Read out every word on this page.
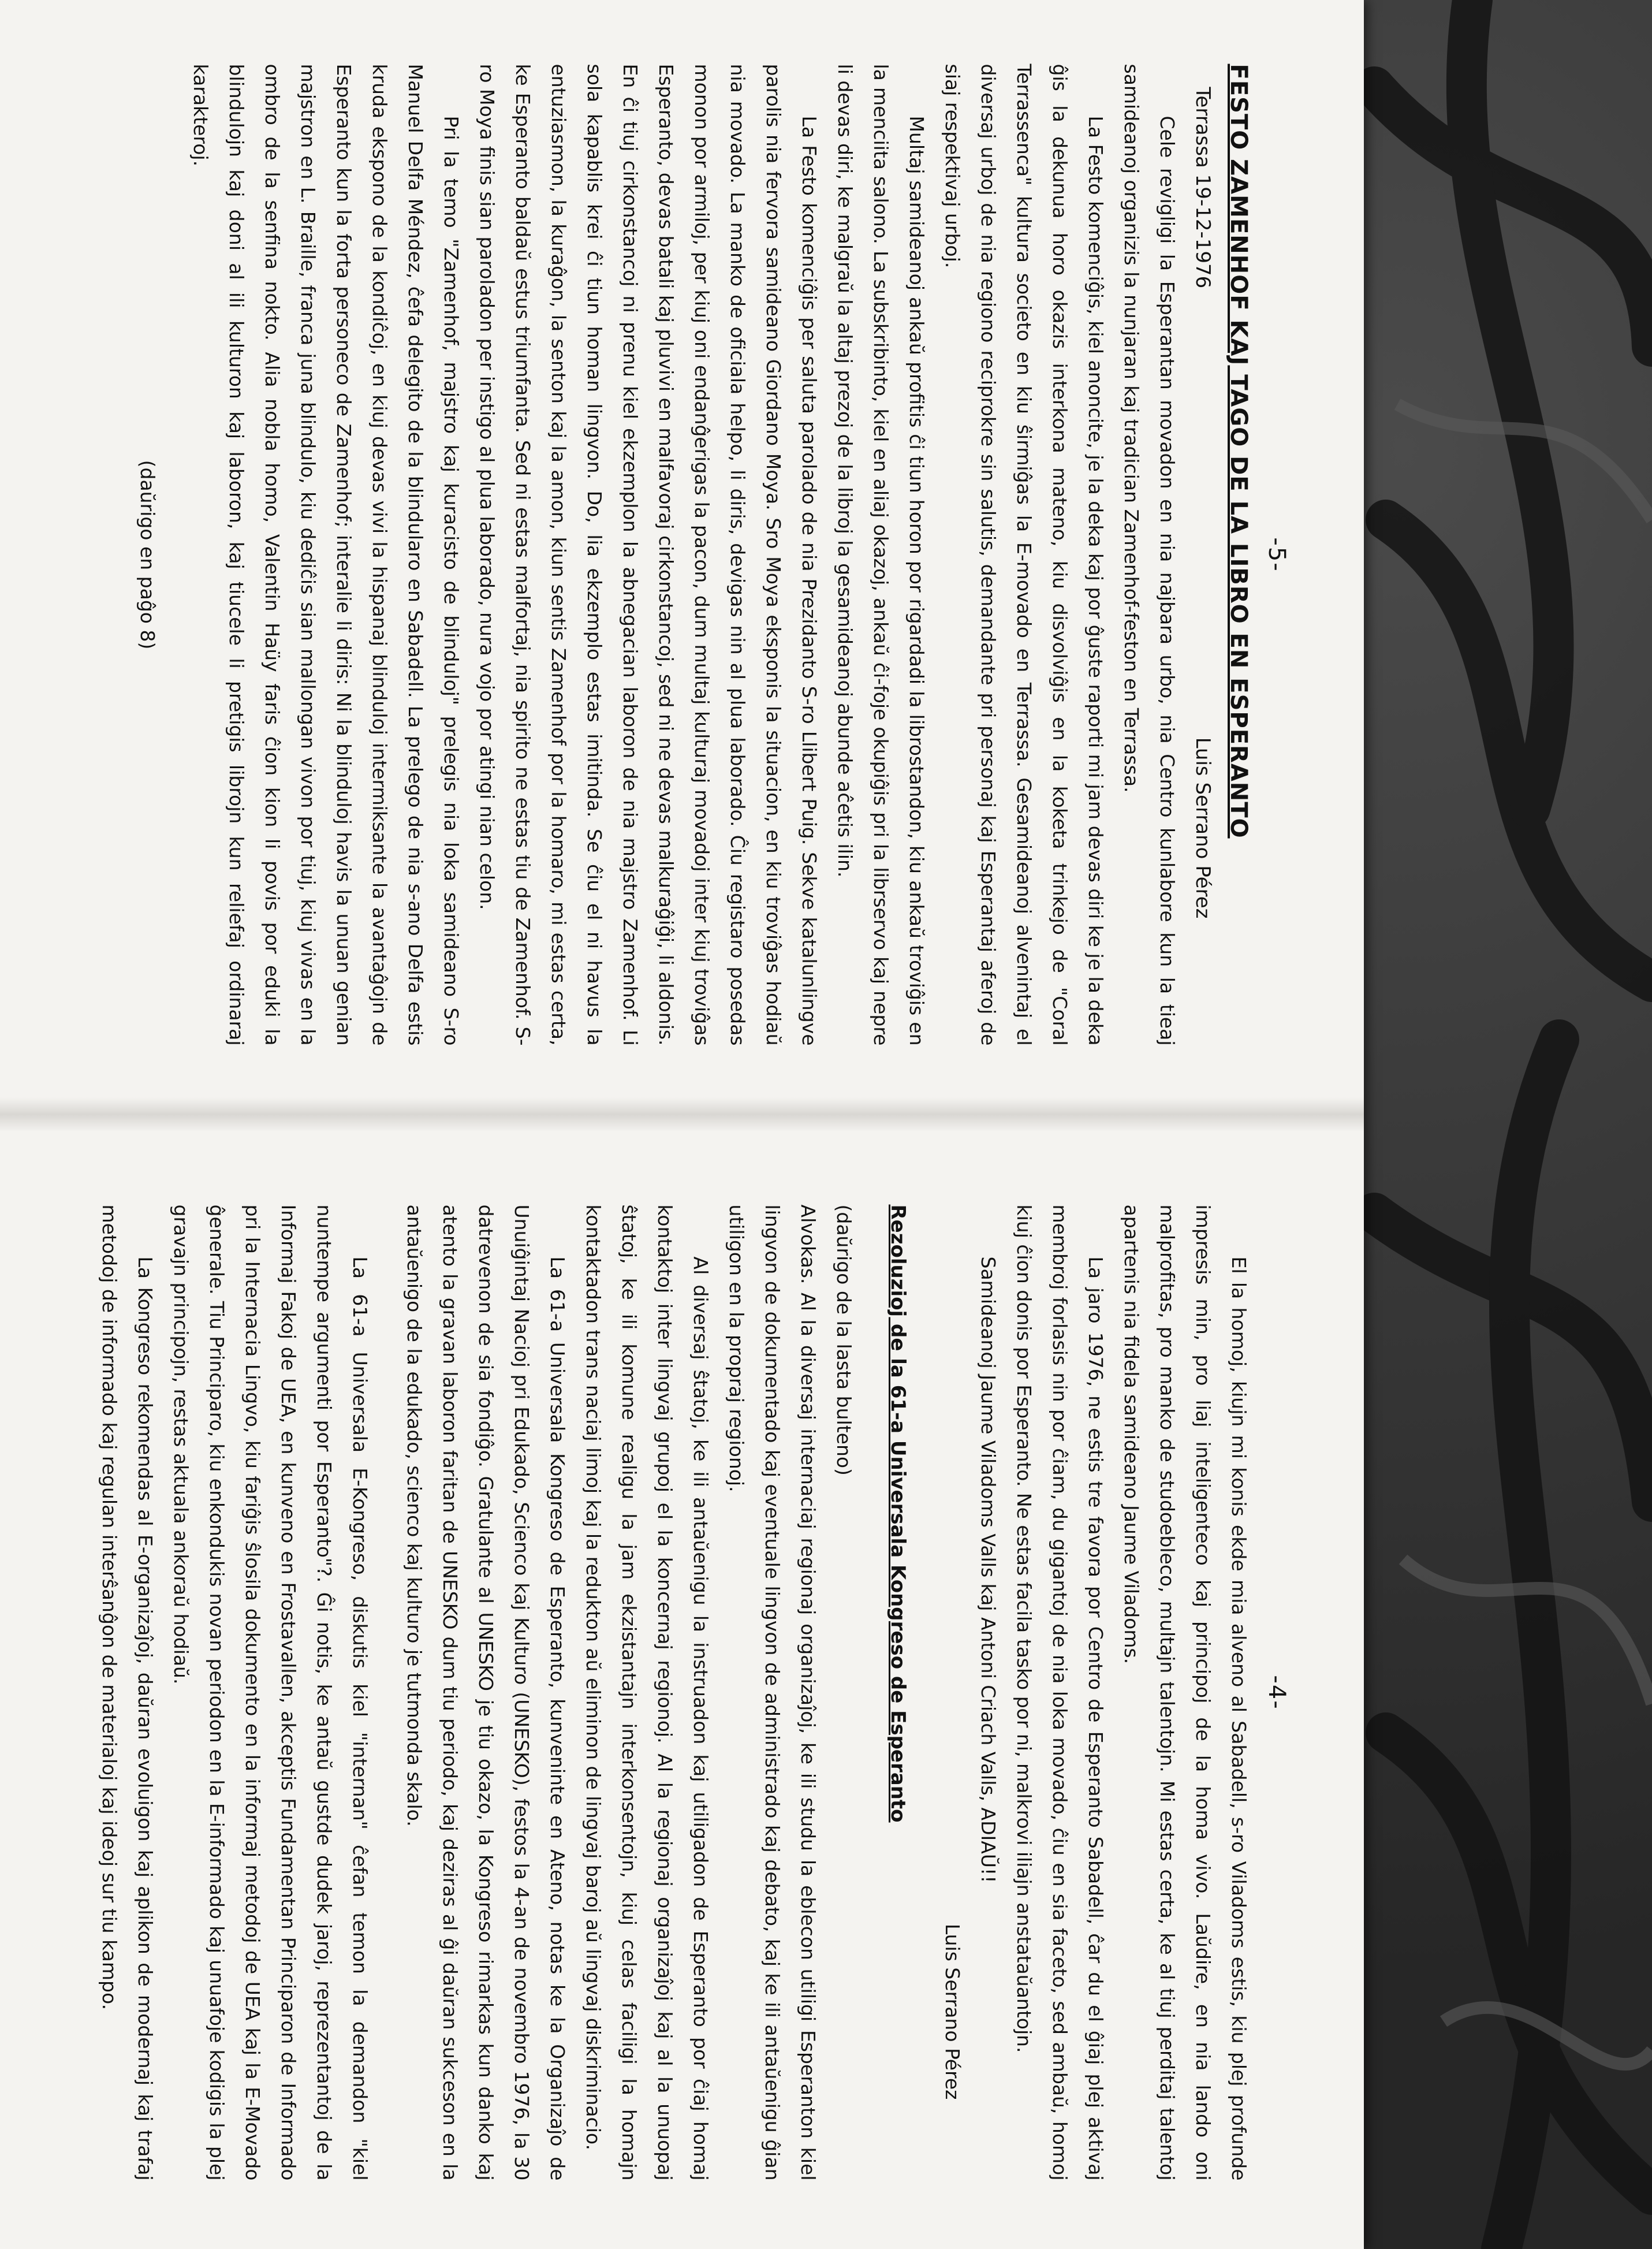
-5-
FESTO ZAMENHOF KAJ TAGO DE LA LIBRO EN ESPERANTO
Terrassa 19-12-1976
Luis Serrano Pérez

Cele revigligi la Esperantan movadon en nia najbara urbo, nia Centro kunlabore kun la tieaj samideanoj organizis la nunjaran kaj tradician Zamenhof-feston en Terrassa.

La Festo komenciĝis, kiel anoncite, je la deka kaj por ĝuste raporti mi jam devas diri ke je la deka ĝis la dekunua horo okazis interkona mateno, kiu disvolviĝis en la koketa trinkejo de "Coral Terrassenca" kultura societo en kiu ŝirmiĝas la E-movado en Terrassa. Gesamideanoj alvenintaj el diversaj urboj de nia regiono reciprokre sin salutis, demandante pri personaj kaj Esperantaj aferoj de siaj respektivaj urboj.

Multaj samideanoj ankaŭ profitis ĉi tiun horon por rigardadi la librostandon, kiu ankaŭ troviĝis en la menciita salono. La subskribinto, kiel en aliaj okazoj, ankaŭ ĉi-foje okupiĝis pri la librservo kaj nepre li devas diri, ke malgraŭ la altaj prezoj de la libroj la gesamideanoj abunde aĉetis ilin.

La Festo komenciĝis per saluta parolado de nia Prezidanto S-ro Llibert Puig. Sekve katalunlingve parolis nia fervora samideano Giordano Moya. Sro Moya eksponis la situacion, en kiu troviĝas hodiaŭ nia movado. La manko de oficiala helpo, li diris, devigas nin al plua laborado. Ĉiu registaro posedas monon por armiloj, per kiuj oni endanĝerigas la pacon, dum multaj kulturaj movadoj inter kiuj troviĝas Esperanto, devas batali kaj pluvivi en malfavoraj cirkonstancoj, sed ni ne devas malkuraĝiĝi, li aldonis. En ĉi tiuj cirkonstancoj ni prenu kiel ekzemplon la abnegacian laboron de nia majstro Zamenhof. Li sola kapablis krei ĉi tiun homan lingvon. Do, lia ekzemplo estas imitinda. Se ĉiu el ni havus la entuziasmon, la kuraĝon, la senton kaj la amon, kiun sentis Zamenhof por la homaro, mi estas certa, ke Esperanto baldaŭ estus triumfanta. Sed ni estas malfortaj, nia spirito ne estas tiu de Zamenhof. S-ro Moya finis sian paroladon per instigo al plua laborado, nura vojo por atingi nian celon.

Pri la temo "Zamenhof, majstro kaj kuracisto de blinduloj" prelegis nia loka samideano S-ro Manuel Delfa Méndez, ĉefa delegito de la blindularo en Sabadell. La prelego de nia s-ano Delfa estis kruda ekspono de la kondiĉoj, en kiuj devas vivi la hispanaj blinduloj intermiksante la avantaĝojn de Esperanto kun la forta personeco de Zamenhof; interalie li diris: Ni la blinduloj havis la unuan genian majstron en L. Braille, franca juna blindulo, kiu dediĉis sian mallongan vivon por tiuj, kiuj vivas en la ombro de la senfina nokto. Alia nobla homo, Valentin Haüy faris ĉion kion li povis por eduki la blindulojn kaj doni al ili kulturon kaj laboron, kaj tiucele li pretigis librojn kun reliefaj ordinaraj karakteroj.

(daŭrigo en paĝo 8)
-4-

El la homoj, kiujn mi konis ekde mia alveno al Sabadell, s-ro Viladoms estis, kiu plej profunde impresis min, pro liaj inteligenteco kaj principoj de la homa vivo. Laŭdire, en nia lando oni malprofitas, pro manko de studoebleco, multajn talentojn. Mi estas certa, ke al tiuj perditaj talentoj apartenis nia fidela samideano Jaume Viladoms.

La jaro 1976, ne estis tre favora por Centro de Esperanto Sabadell, ĉar du el ĝiaj plej aktivaj membroj forlasis nin por ĉiam, du gigantoj de nia loka movado, ĉiu en sia faceto, sed ambaŭ, homoj kiuj ĉion donis por Esperanto. Ne estas facila tasko por ni, malkrovi iliajn anstataŭantojn.

Samideanoj Jaume Viladoms Valls kaj Antoni Criach Valls, ADIAŬ!!

Luis Serrano Pérez
Rezoluzioj de la 61-a Universala Kongreso de Esperanto

(daŭrigo de la lasta bulteno)

Alvokas. Al la diversaj internaciaj regionaj organizaĵoj, ke ili studu la eblecon utiligi Esperanton kiel lingvon de dokumentado kaj eventuale lingvon de administrado kaj debato, kaj ke ili antaŭenigu ĝian utiligon en la propraj regionoj.

Al diversaj ŝtatoj, ke ili antaŭenigu la instruadon kaj utiligadon de Esperanto por ĉiaj homaj kontaktoj inter lingvaj grupoj el la koncernaj regionoj. Al la regionaj organizaĵoj kaj al la unuopaj ŝtatoj, ke ili komune realigu la jam ekzistantajn interkonsentojn, kiuj celas faciligi la homajn kontaktadon trans naciaj limoj kaj la redukton aŭ eliminon de lingvaj baroj aŭ lingvaj diskriminacio.

La 61-a Universala Kongreso de Esperanto, kunveninte en Ateno, notas ke la Organizaĵo de Unuiĝintaj Nacioj pri Edukado, Scienco kaj Kulturo (UNESKO), festos la 4-an de novembro 1976, la 30 datrevenon de sia fondiĝo. Gratulante al UNESKO je tiu okazo, la Kongreso rimarkas kun danko kaj atento la gravan laboron faritan de UNESKO dum tiu periodo, kaj deziras al ĝi daŭran sukceson en la antaŭenigo de la edukado, scienco kaj kulturo je tutmonda skalo.

La 61-a Universala E-Kongreso, diskutis kiel "internan" ĉefan temon la demandon "kiel nuntempe argumenti por Esperanto"?. Ĝi notis, ke antaŭ gustde dudek jaroj, reprezentantoj de la Informaj Fakoj de UEA, en kunveno en Frostavallen, akceptis Fundamentan Principaron de Informado pri la Internacia Lingvo, kiu fariĝis ŝlosila dokumento en la informaj metodoj de UEA kaj la E-Movado ĝenerale. Tiu Principaro, kiu enkondukis novan periodon en la E-informado kaj unuafoje kodigis la plej gravajn principojn, restas aktuala ankoraŭ hodiaŭ.

La Kongreso rekomendas al E-organizaĵoj, daŭran evoluigon kaj aplikon de modernaj kaj trafaj metodoj de informado kaj regulan interŝanĝon de materialoj kaj ideoj sur tiu kampo.
